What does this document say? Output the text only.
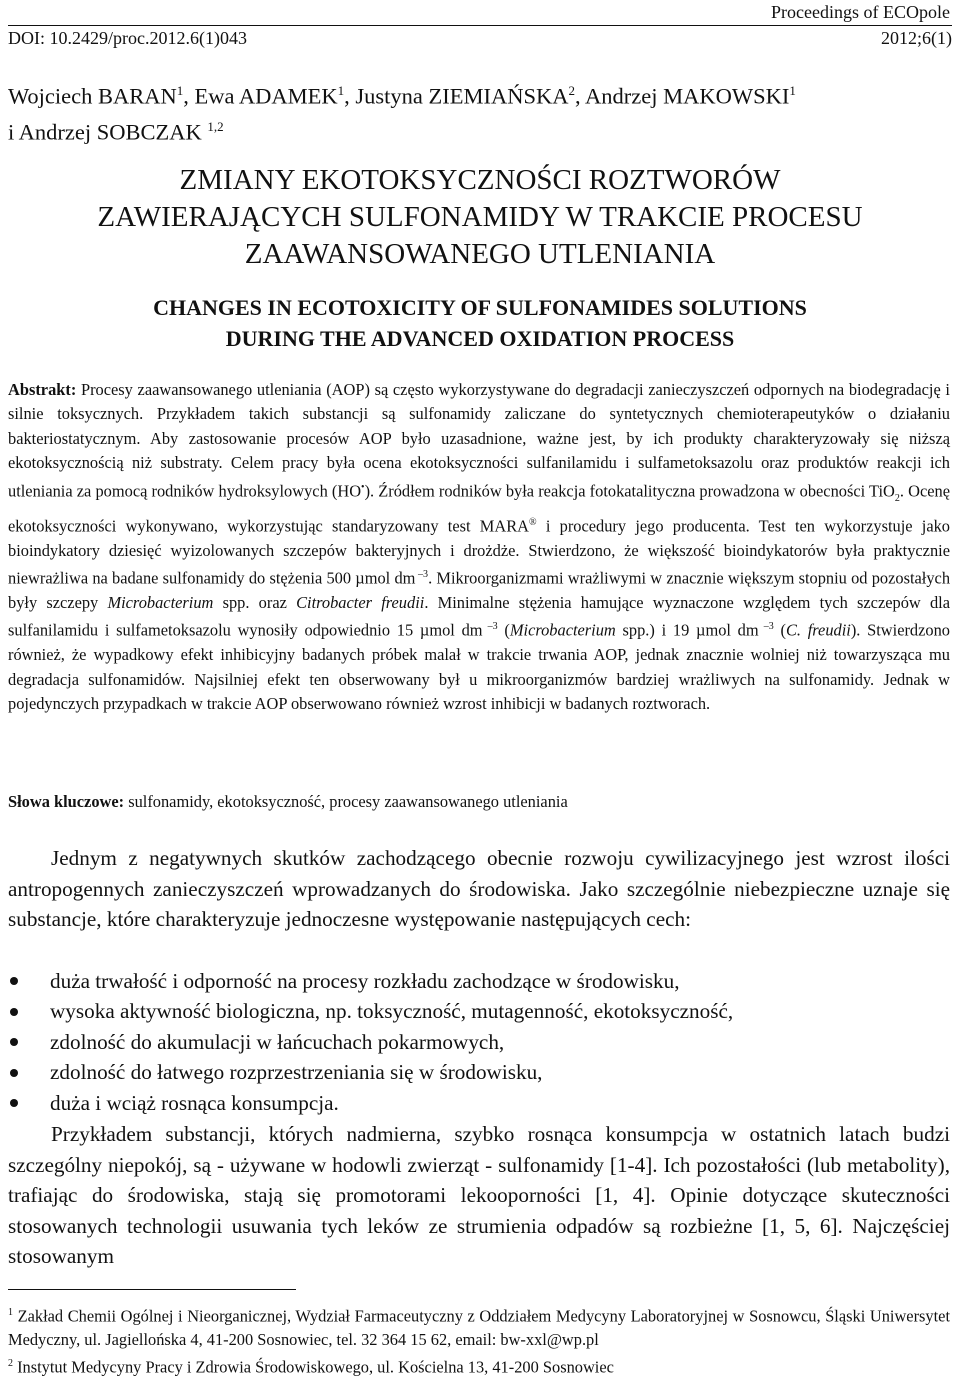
Proceedings of ECOpole
DOI: 10.2429/proc.2012.6(1)043	2012;6(1)
Wojciech BARAN$^1$, Ewa ADAMEK$^1$, Justyna ZIEMIAŃSKA$^2$, Andrzej MAKOWSKI$^1$
i Andrzej SOBCZAK $^{1,2}$
ZMIANY EKOTOKSYCZNOŚCI ROZTWORÓW
ZAWIERAJĄCYCH SULFONAMIDY W TRAKCIE PROCESU
ZAAWANSOWANEGO UTLENIANIA
CHANGES IN ECOTOXICITY OF SULFONAMIDES SOLUTIONS
DURING THE ADVANCED OXIDATION PROCESS
Abstrakt: Procesy zaawansowanego utleniania (AOP) są często wykorzystywane do degradacji zanieczyszczeń odpornych na biodegradację i silnie toksycznych. Przykładem takich substancji są sulfonamidy zaliczane do syntetycznych chemioterapeutyków o działaniu bakteriostatycznym. Aby zastosowanie procesów AOP było uzasadnione, ważne jest, by ich produkty charakteryzowały się niższą ekotoksycznością niż substraty. Celem pracy była ocena ekotoksyczności sulfanilamidu i sulfametoksazolu oraz produktów reakcji ich utleniania za pomocą rodników hydroksylowych (HO•). Źródłem rodników była reakcja fotokatalityczna prowadzona w obecności TiO$_2$. Ocenę ekotoksyczności wykonywano, wykorzystując standaryzowany test MARA® i procedury jego producenta. Test ten wykorzystuje jako bioindykatory dziesięć wyizolowanych szczepów bakteryjnych i drożdże. Stwierdzono, że większość bioindykatorów była praktycznie niewrażliwa na badane sulfonamidy do stężenia 500 µmol dm $^{-3}$. Mikroorganizmami wrażliwymi w znacznie większym stopniu od pozostałych były szczepy Microbacterium spp. oraz Citrobacter freudii. Minimalne stężenia hamujące wyznaczone względem tych szczepów dla sulfanilamidu i sulfametoksazolu wynosiły odpowiednio 15 µmol dm $^{-3}$ (Microbacterium spp.) i 19 µmol dm $^{-3}$ (C. freudii). Stwierdzono również, że wypadkowy efekt inhibicyjny badanych próbek malał w trakcie trwania AOP, jednak znacznie wolniej niż towarzysząca mu degradacja sulfonamidów. Najsilniej efekt ten obserwowany był u mikroorganizmów bardziej wrażliwych na sulfonamidy. Jednak w pojedynczych przypadkach w trakcie AOP obserwowano również wzrost inhibicji w badanych roztworach.
Słowa kluczowe: sulfonamidy, ekotoksyczność, procesy zaawansowanego utleniania
Jednym z negatywnych skutków zachodzącego obecnie rozwoju cywilizacyjnego jest wzrost ilości antropogennych zanieczyszczeń wprowadzanych do środowiska. Jako szczególnie niebezpieczne uznaje się substancje, które charakteryzuje jednoczesne występowanie następujących cech:
duża trwałość i odporność na procesy rozkładu zachodzące w środowisku,
wysoka aktywność biologiczna, np. toksyczność, mutagenność, ekotoksyczność,
zdolność do akumulacji w łańcuchach pokarmowych,
zdolność do łatwego rozprzestrzeniania się w środowisku,
duża i wciąż rosnąca konsumpcja.
Przykładem substancji, których nadmierna, szybko rosnąca konsumpcja w ostatnich latach budzi szczególny niepokój, są - używane w hodowli zwierząt - sulfonamidy [1-4]. Ich pozostałości (lub metabolity), trafiając do środowiska, stają się promotorami lekooporności [1, 4]. Opinie dotyczące skuteczności stosowanych technologii usuwania tych leków ze strumienia odpadów są rozbieżne [1, 5, 6]. Najczęściej stosowanym
$^1$ Zakład Chemii Ogólnej i Nieorganicznej, Wydział Farmaceutyczny z Oddziałem Medycyny Laboratoryjnej w Sosnowcu, Śląski Uniwersytet Medyczny, ul. Jagiellońska 4, 41-200 Sosnowiec, tel. 32 364 15 62, email: bw-xxl@wp.pl
$^2$ Instytut Medycyny Pracy i Zdrowia Środowiskowego, ul. Kościelna 13, 41-200 Sosnowiec
